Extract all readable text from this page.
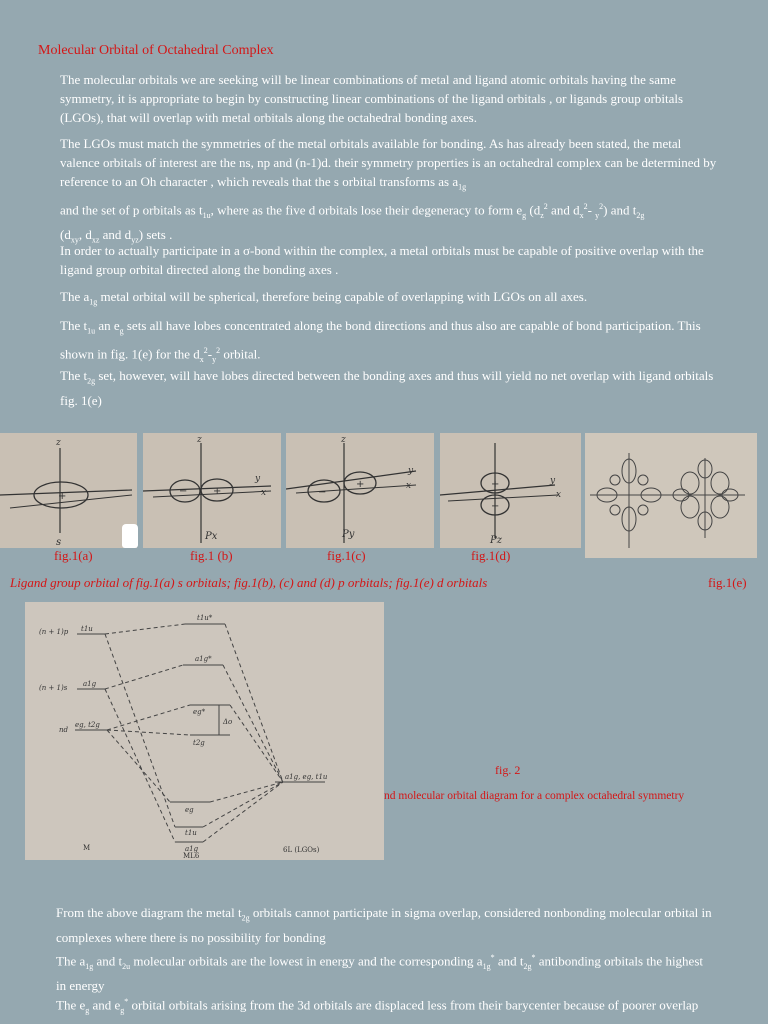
Molecular Orbital of Octahedral Complex
The molecular orbitals we are seeking will be linear combinations of metal and ligand atomic orbitals having the same symmetry, it is appropriate to begin by constructing linear combinations of the ligand orbitals , or ligands group orbitals (LGOs), that will overlap with metal orbitals along the octahedral bonding axes.
The LGOs must match the symmetries of the metal orbitals available for bonding. As has already been stated, the metal valence orbitals of interest are the ns, np and (n-1)d. their symmetry properties is an octahedral complex can be determined by reference to an Oh character , which reveals that the s orbital transforms as $a_{1g}$
and the set of p orbitals as $t_{1u}$, where as the five d orbitals lose their degeneracy to form $e_g$ ($d_z^2$ and $d_x^2-$ $_y^2$) and $t_{2g}$
($d_{xy}$, $d_{xz}$ and $d_{yz}$) sets .
In order to actually participate in a σ-bond within the complex, a metal orbitals must be capable of positive overlap with the ligand group orbital directed along the bonding axes .
The $a_{1g}$ metal orbital will be spherical, therefore being capable of overlapping with LGOs on all axes.
The $t_{1u}$ an $e_g$ sets all have lobes concentrated along the bond directions and thus also are capable of bond participation. This shown in fig. 1(e) for the $d_x^2-_y^2$ orbital.
The $t_{2g}$ set, however, will have lobes directed between the bonding axes and thus will yield no net overlap with ligand orbitals fig. 1(e)
+
z
s
−	+
z
y
x
Px
−
+
z
y
x
Py
+
−
y
x
Pz
fig.1(a)	fig.1 (b)	fig.1(c)	fig.1(d)
Ligand group orbital of fig.1(a) s orbitals; fig.1(b), (c) and (d) p orbitals; fig.1(e) d orbitals	fig.1(e)
(n + 1)p t1u
(n + 1)s a1g
nd
eg, t2g
t1u*
a1g*
eg*
Δo
t2g
eg
t1u
a1g
a1g, eg, t1u
M
ML6
6L (LGOs)
fig. 2
nd molecular orbital diagram for a complex octahedral symmetry
From the above diagram the metal $t_{2g}$ orbitals cannot participate in sigma overlap, considered nonbonding molecular orbital in complexes where there is no possibility for bonding
The $a_{1g}$ and $t_{2u}$ molecular orbitals are the lowest in energy and the corresponding $a_{1g}^*$ and $t_{2g}^*$ antibonding orbitals the highest in energy
The $e_g$ and $e_g^*$ orbital orbitals arising from the 3d orbitals are displaced less from their barycenter because of poorer overlap
